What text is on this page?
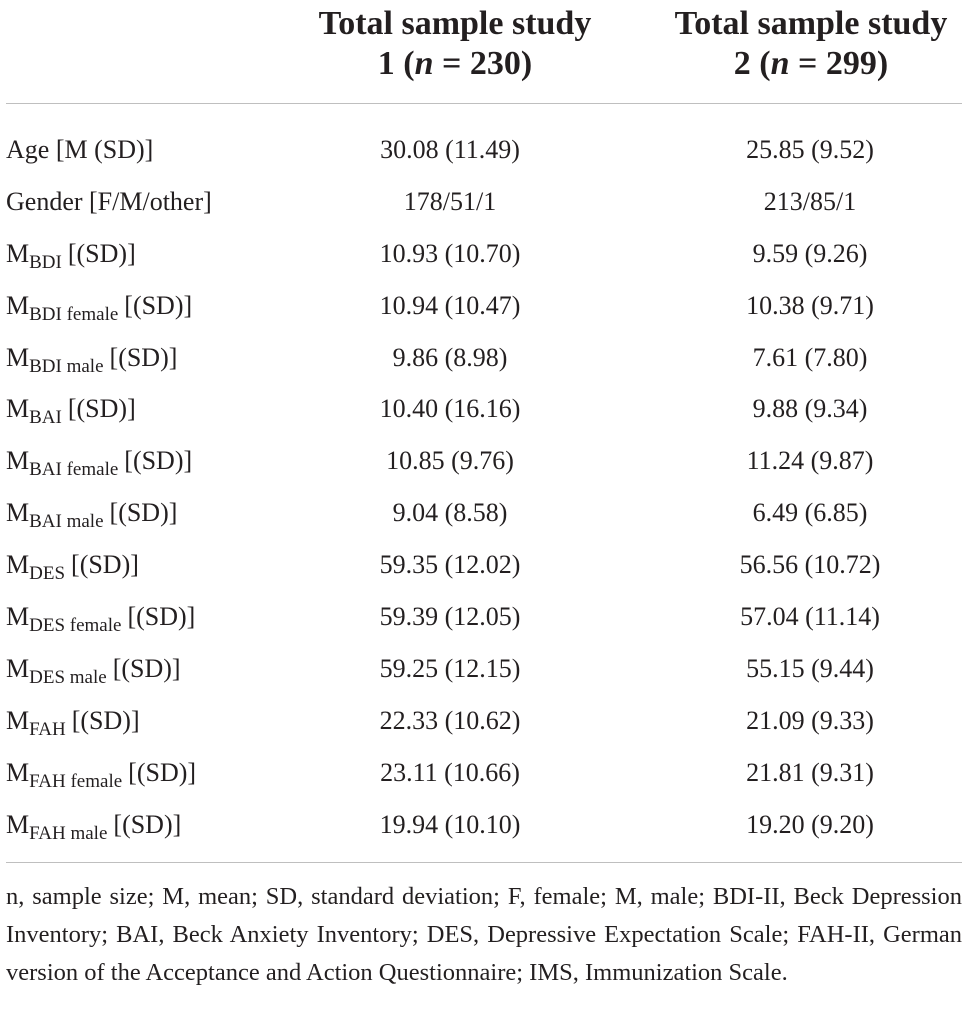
Total sample study
1 (n = 230)
Total sample study
2 (n = 299)
Age [M (SD)]	30.08 (11.49)	25.85 (9.52)
Gender [F/M/other]	178/51/1	213/85/1
$M_{BDI}$ [(SD)]	10.93 (10.70)	9.59 (9.26)
$M_{BDI female}$ [(SD)]	10.94 (10.47)	10.38 (9.71)
$M_{BDI male}$ [(SD)]	9.86 (8.98)	7.61 (7.80)
$M_{BAI}$ [(SD)]	10.40 (16.16)	9.88 (9.34)
$M_{BAI female}$ [(SD)]	10.85 (9.76)	11.24 (9.87)
$M_{BAI male}$ [(SD)]	9.04 (8.58)	6.49 (6.85)
$M_{DES}$ [(SD)]	59.35 (12.02)	56.56 (10.72)
$M_{DES female}$ [(SD)]	59.39 (12.05)	57.04 (11.14)
$M_{DES male}$ [(SD)]	59.25 (12.15)	55.15 (9.44)
$M_{FAH}$ [(SD)]	22.33 (10.62)	21.09 (9.33)
$M_{FAH female}$ [(SD)]	23.11 (10.66)	21.81 (9.31)
$M_{FAH male}$ [(SD)]	19.94 (10.10)	19.20 (9.20)
n, sample size; M, mean; SD, standard deviation; F, female; M, male; BDI-II, Beck Depression Inventory; BAI, Beck Anxiety Inventory; DES, Depressive Expectation Scale; FAH-II, German version of the Acceptance and Action Questionnaire; IMS, Immunization Scale.
